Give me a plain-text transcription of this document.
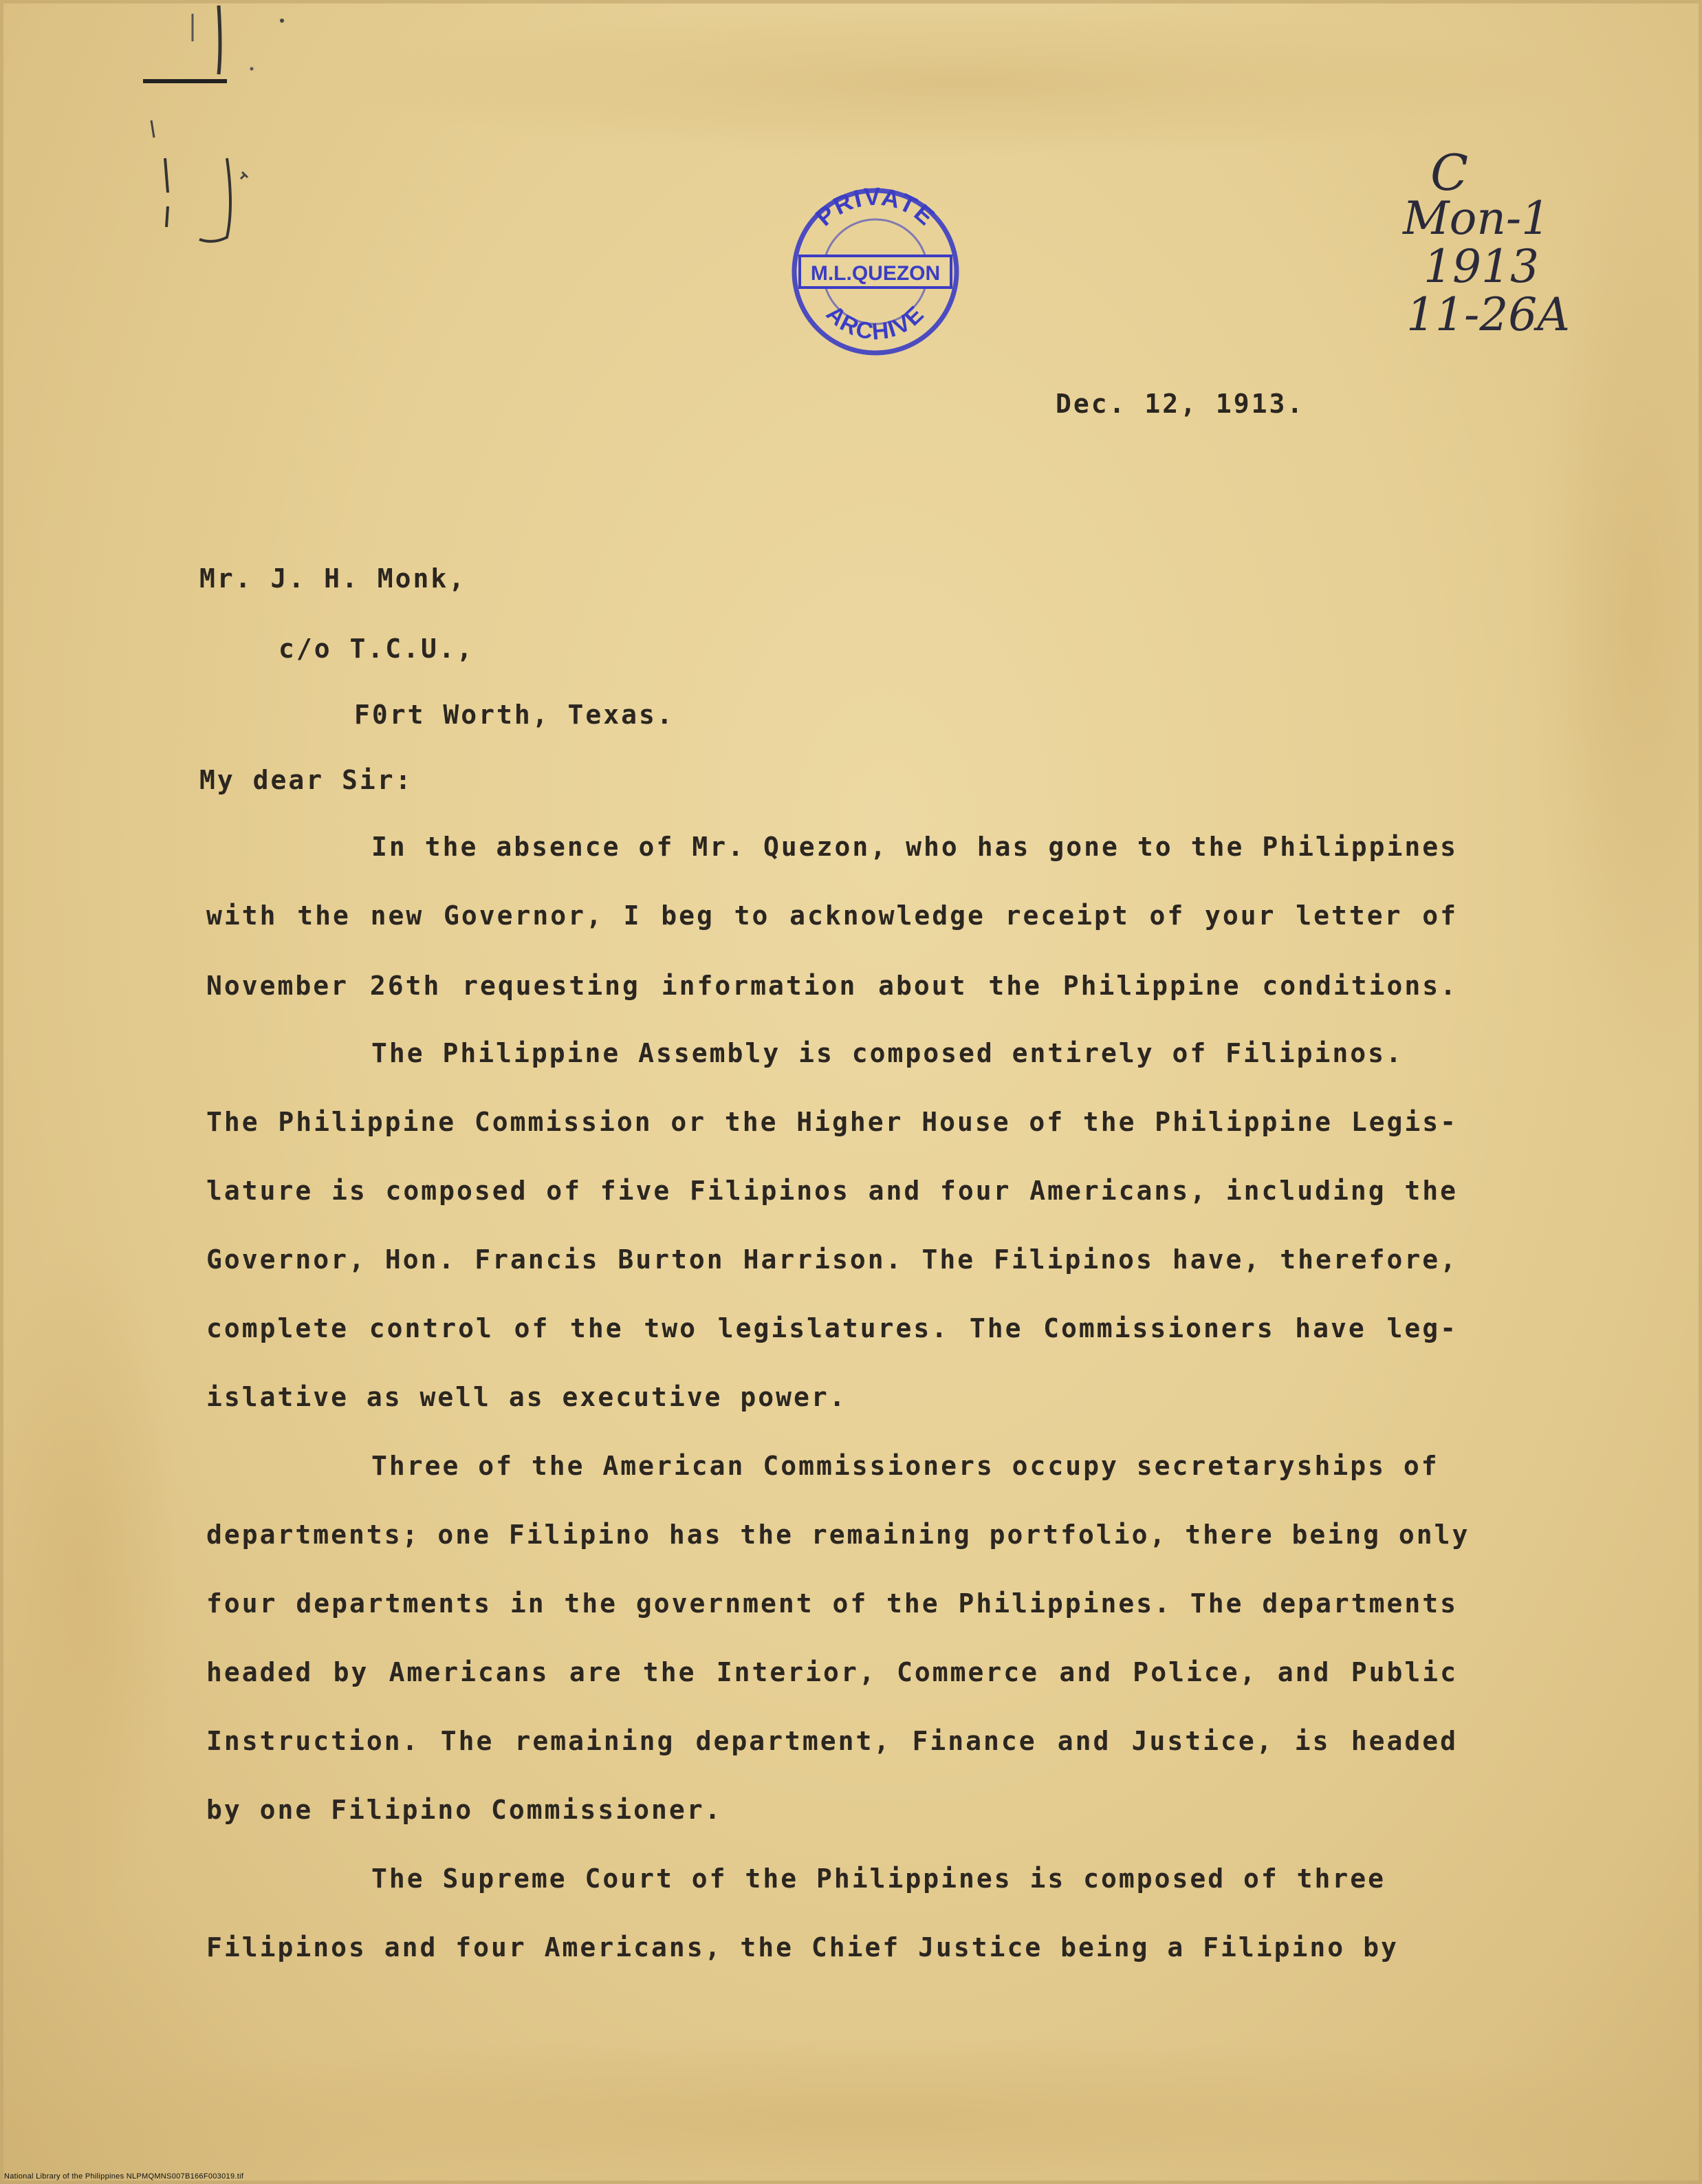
PRIVATE
ARCHIVE
M.L.QUEZON
C
Mon-1
1913
11-26A
Dec. 12, 1913.
Mr. J. H. Monk,
c/o T.C.U.,
F0rt Worth, Texas.
My dear Sir:
In the absence of Mr. Quezon, who has gone to the Philippines
with the new Governor, I beg to acknowledge receipt of your letter of
November 26th requesting information about the Philippine conditions.
The Philippine Assembly is composed entirely of Filipinos.
The Philippine Commission or the Higher House of the Philippine Legis-
lature is composed of five Filipinos and four Americans, including the
Governor, Hon. Francis Burton Harrison. The Filipinos have, therefore,
complete control of the two legislatures. The Commissioners have leg-
islative as well as executive power.
Three of the American Commissioners occupy secretaryships of
departments; one Filipino has the remaining portfolio, there being only
four departments in the government of the Philippines. The departments
headed by Americans are the Interior, Commerce and Police, and Public
Instruction. The remaining department, Finance and Justice, is headed
by one Filipino Commissioner.
The Supreme Court of the Philippines is composed of three
Filipinos and four Americans, the Chief Justice being a Filipino by
National Library of the Philippines NLPMQMNS007B166F003019.tif
